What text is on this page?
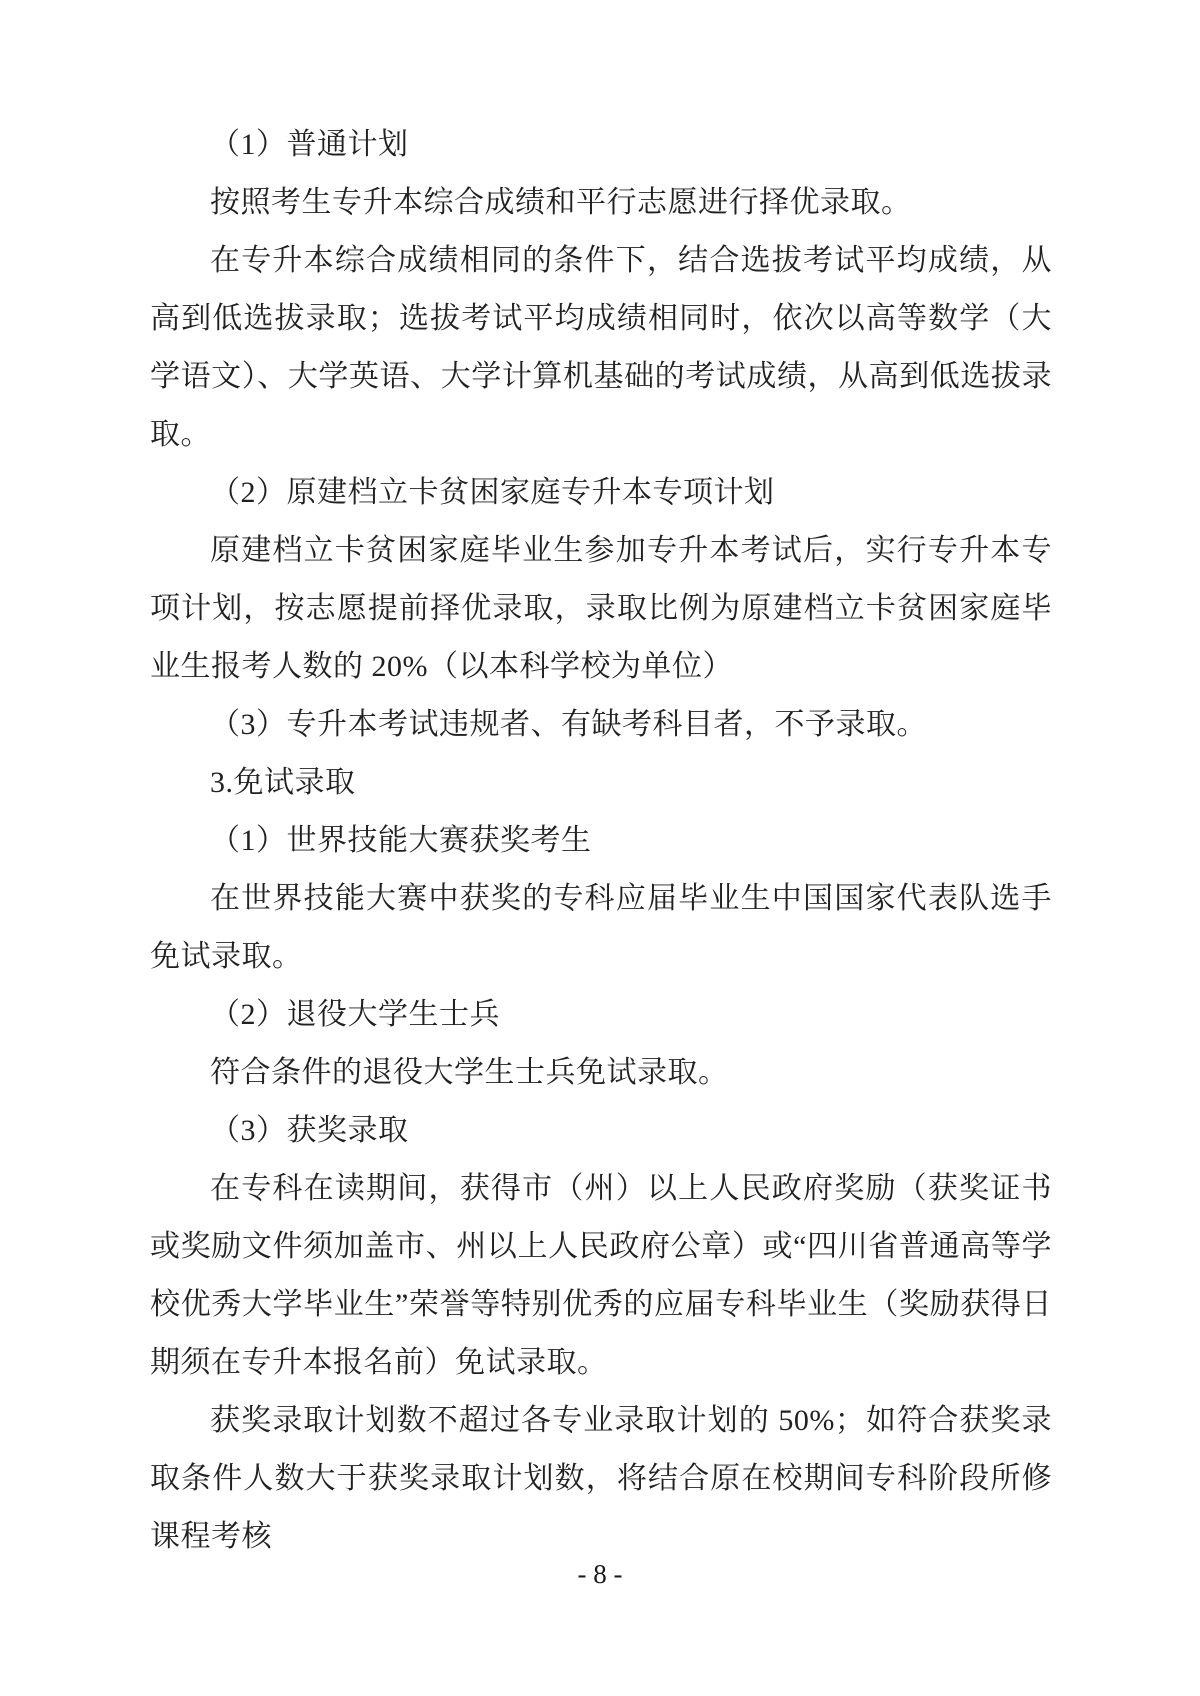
（1）普通计划

按照考生专升本综合成绩和平行志愿进行择优录取。

在专升本综合成绩相同的条件下，结合选拔考试平均成绩，从高到低选拔录取；选拔考试平均成绩相同时，依次以高等数学（大学语文）、大学英语、大学计算机基础的考试成绩，从高到低选拔录取。

（2）原建档立卡贫困家庭专升本专项计划

原建档立卡贫困家庭毕业生参加专升本考试后，实行专升本专项计划，按志愿提前择优录取，录取比例为原建档立卡贫困家庭毕业生报考人数的 20%（以本科学校为单位）

（3）专升本考试违规者、有缺考科目者，不予录取。

3.免试录取

（1）世界技能大赛获奖考生

在世界技能大赛中获奖的专科应届毕业生中国国家代表队选手免试录取。

（2）退役大学生士兵

符合条件的退役大学生士兵免试录取。

（3）获奖录取

在专科在读期间，获得市（州）以上人民政府奖励（获奖证书或奖励文件须加盖市、州以上人民政府公章）或“四川省普通高等学校优秀大学毕业生”荣誉等特别优秀的应届专科毕业生（奖励获得日期须在专升本报名前）免试录取。

获奖录取计划数不超过各专业录取计划的 50%；如符合获奖录取条件人数大于获奖录取计划数，将结合原在校期间专科阶段所修课程考核

- 8 -
